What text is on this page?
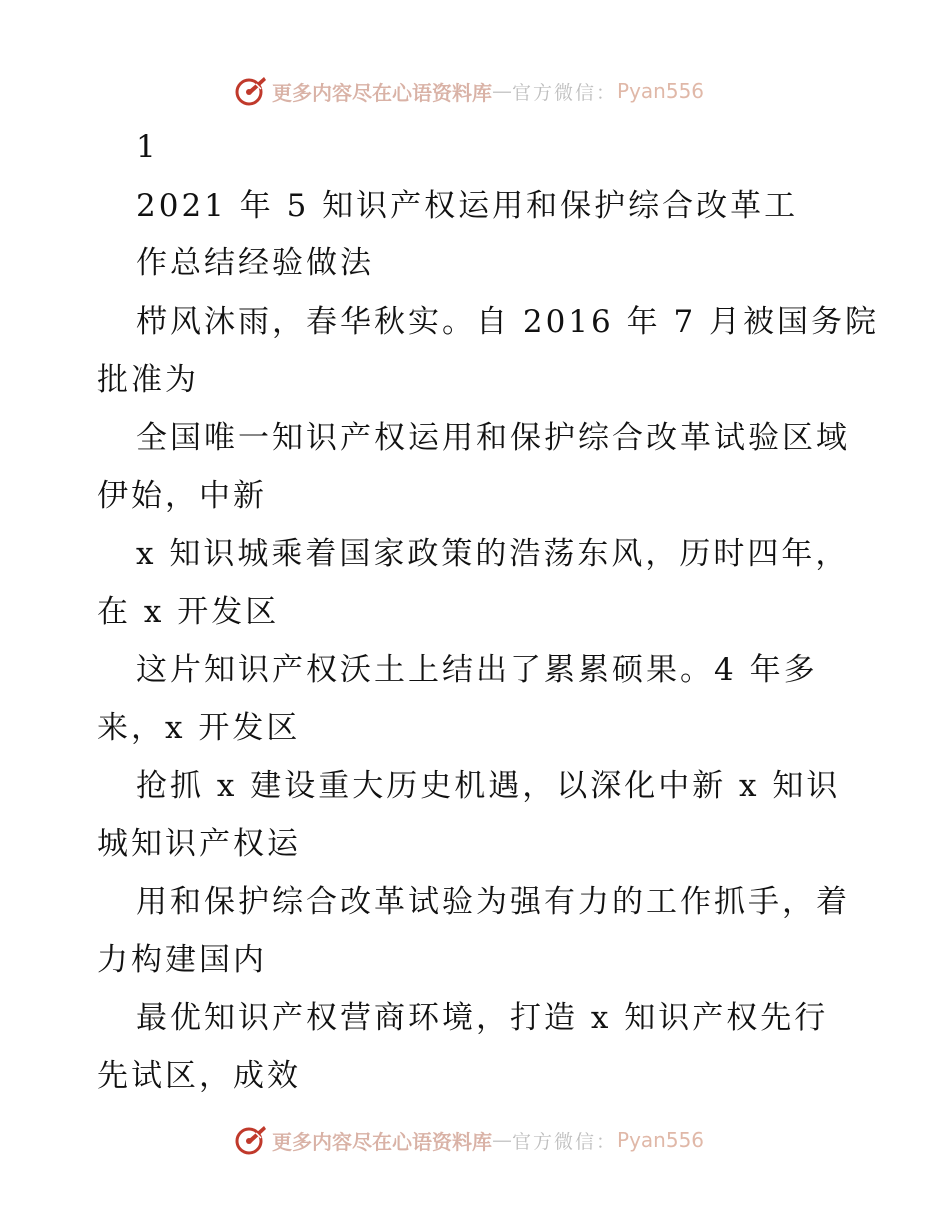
更多内容尽在心语资料库 — 官方微信： Pyan556
1
2021 年 5 知识产权运用和保护综合改革工
作总结经验做法
栉风沐雨，春华秋实。自 2016 年 7 月被国务院
批准为
全国唯一知识产权运用和保护综合改革试验区域
伊始，中新
x 知识城乘着国家政策的浩荡东风，历时四年，
在 x 开发区
这片知识产权沃土上结出了累累硕果。4 年多
来，x 开发区
抢抓 x 建设重大历史机遇，以深化中新 x 知识
城知识产权运
用和保护综合改革试验为强有力的工作抓手，着
力构建国内
最优知识产权营商环境，打造 x 知识产权先行
先试区，成效
更多内容尽在心语资料库 — 官方微信： Pyan556
